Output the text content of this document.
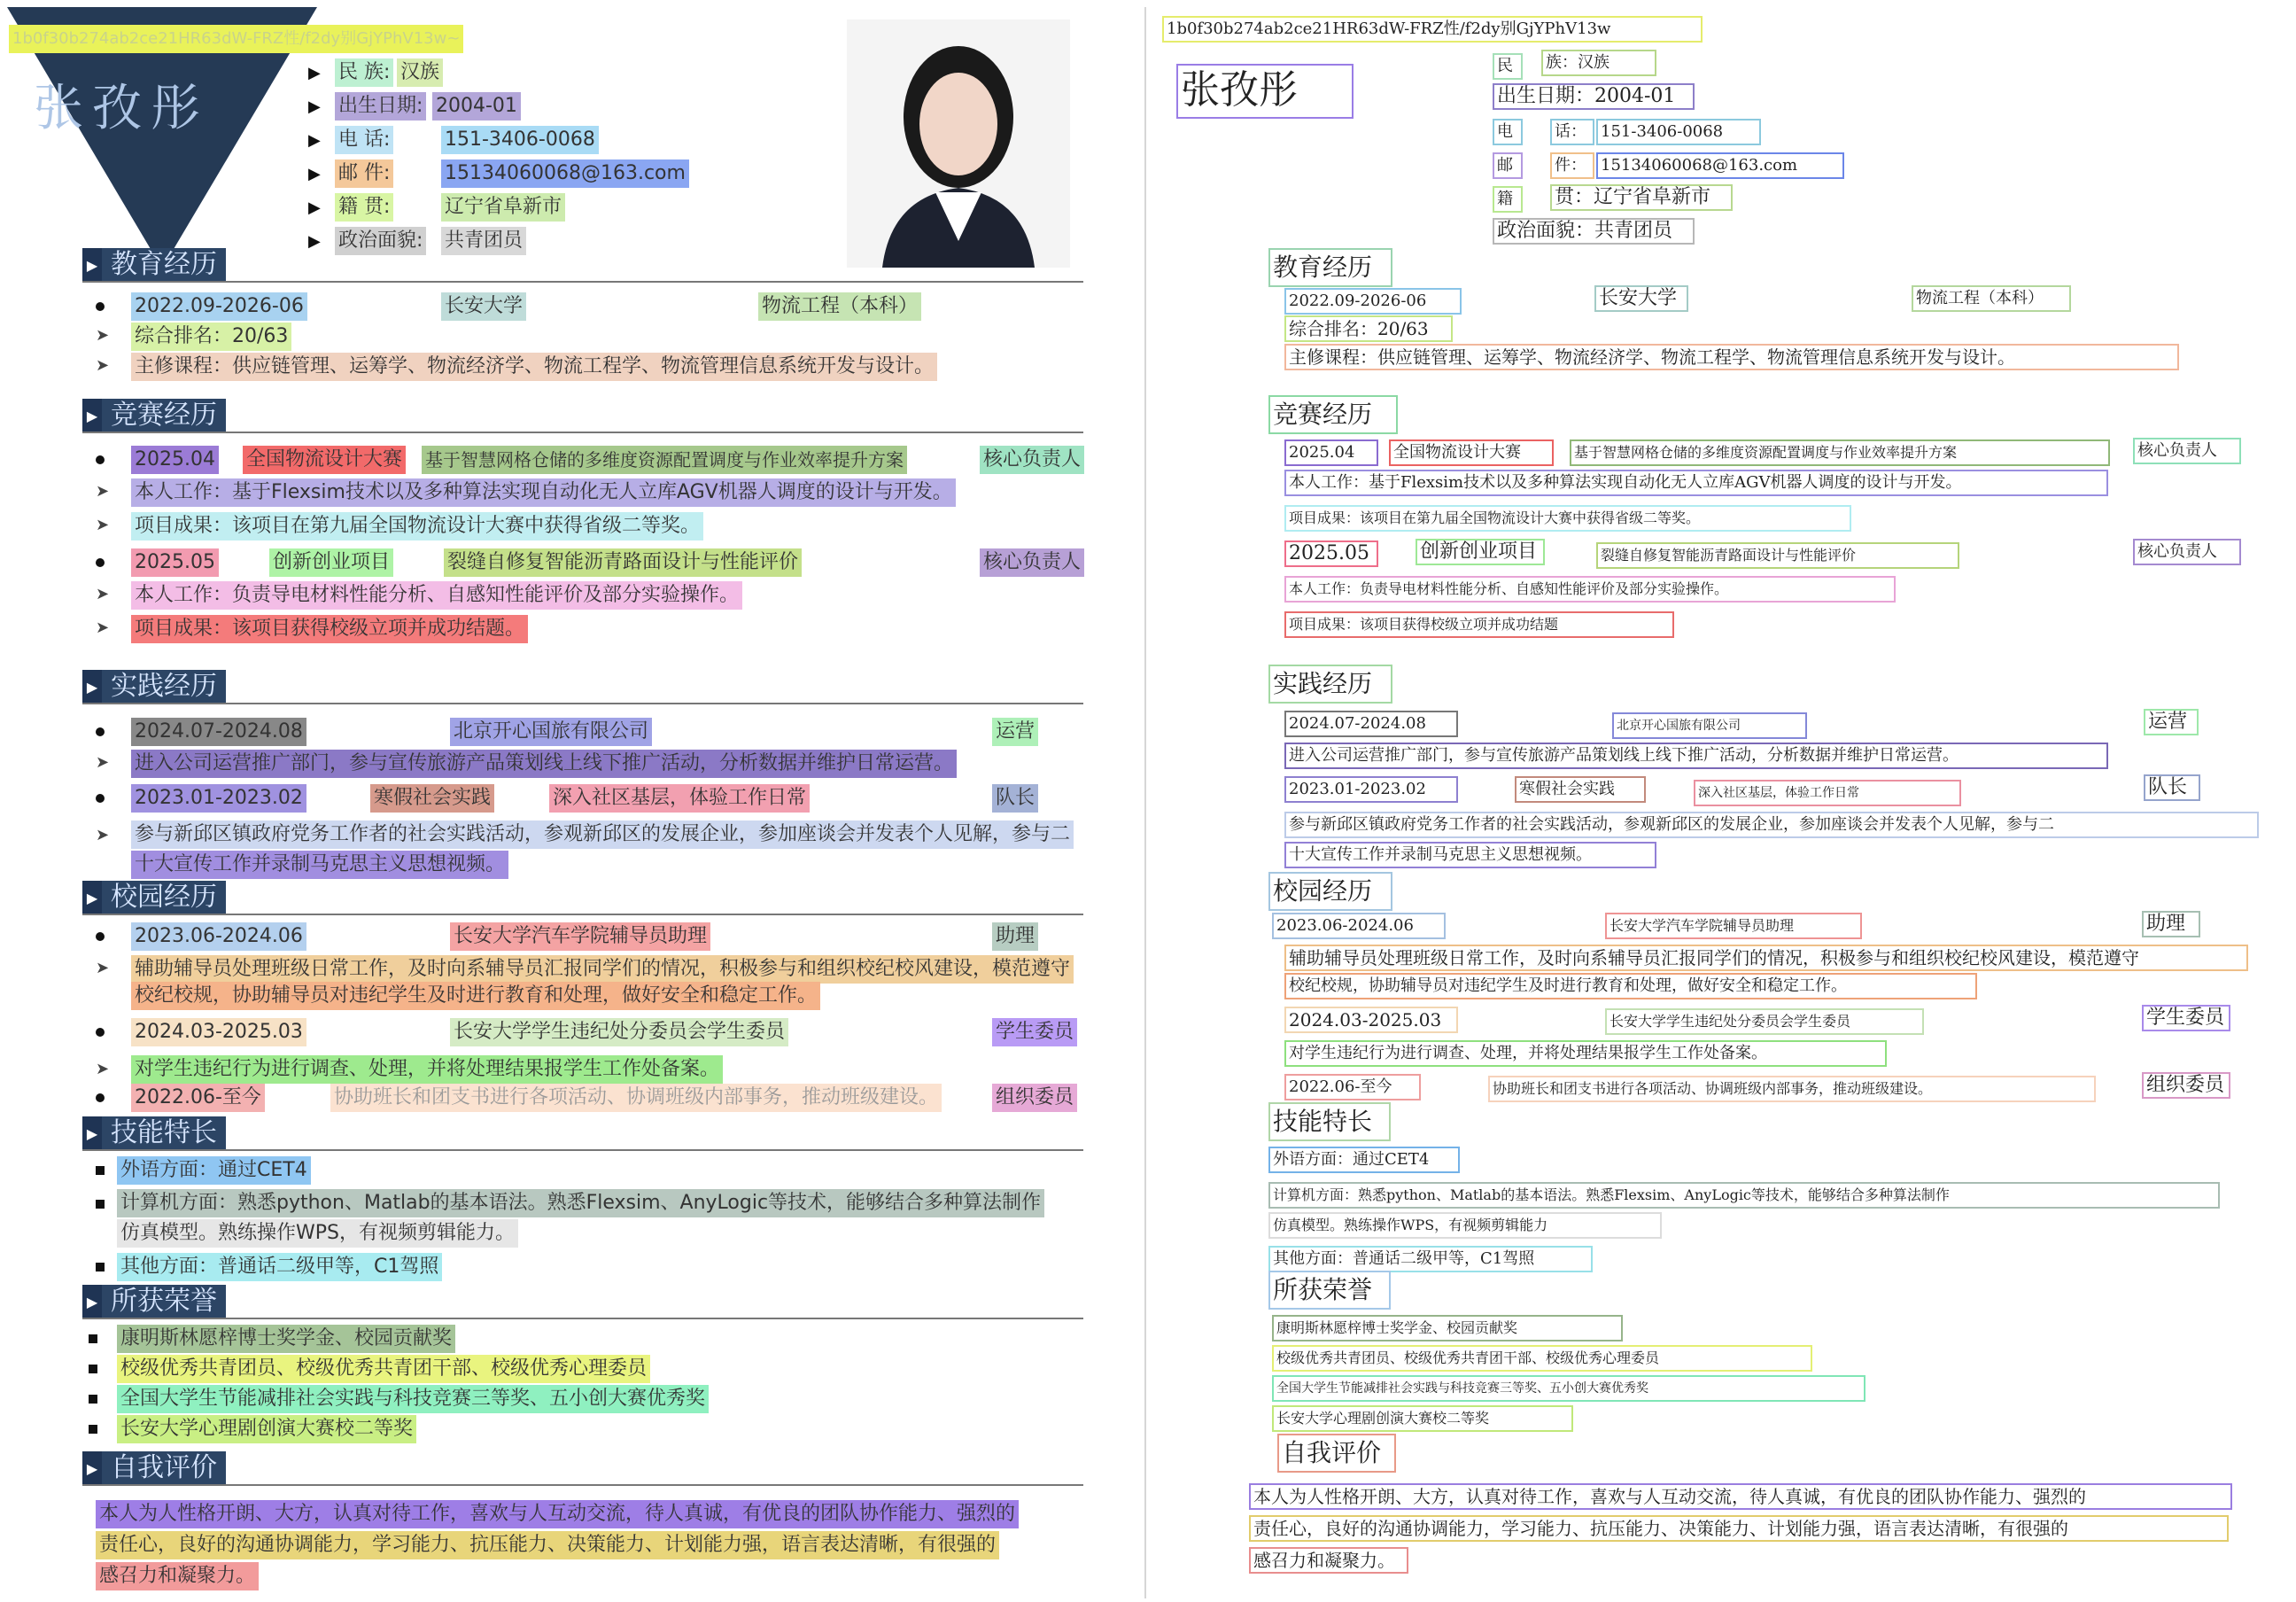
张孜彤
1b0f30b274ab2ce21HR63dW-FRZ性/f2dy别GjYPhV13w~
▶ 民 族: 汉族
▶ 出生日期: 2004-01
▶ 电 话:	151-3406-0068
▶ 邮 件:	15134060068@163.com
▶ 籍 贯:	辽宁省阜新市
▶ 政治面貌: 共青团员
▶ 教育经历
2022.09-2026-06	长安大学	物流工程（本科）
➤ 综合排名：20/63
➤ 主修课程：供应链管理、运筹学、物流经济学、物流工程学、物流管理信息系统开发与设计。
▶ 竞赛经历
2025.04 全国物流设计大赛 基于智慧网格仓储的多维度资源配置调度与作业效率提升方案	核心负责人
➤ 本人工作：基于Flexsim技术以及多种算法实现自动化无人立库AGV机器人调度的设计与开发。
➤ 项目成果：该项目在第九届全国物流设计大赛中获得省级二等奖。
2025.05	创新创业项目	裂缝自修复智能沥青路面设计与性能评价	核心负责人
➤ 本人工作：负责导电材料性能分析、自感知性能评价及部分实验操作。
➤ 项目成果：该项目获得校级立项并成功结题。
▶ 实践经历
2024.07-2024.08	北京开心国旅有限公司	运营
➤ 进入公司运营推广部门，参与宣传旅游产品策划线上线下推广活动，分析数据并维护日常运营。
2023.01-2023.02	寒假社会实践	深入社区基层，体验工作日常	队长
➤ 参与新邱区镇政府党务工作者的社会实践活动，参观新邱区的发展企业，参加座谈会并发表个人见解，参与二
十大宣传工作并录制马克思主义思想视频。
▶ 校园经历
2023.06-2024.06	长安大学汽车学院辅导员助理	助理
➤ 辅助辅导员处理班级日常工作，及时向系辅导员汇报同学们的情况，积极参与和组织校纪校风建设，模范遵守
校纪校规，协助辅导员对违纪学生及时进行教育和处理，做好安全和稳定工作。
2024.03-2025.03	长安大学学生违纪处分委员会学生委员	学生委员
➤ 对学生违纪行为进行调查、处理，并将处理结果报学生工作处备案。
2022.06-至今	协助班长和团支书进行各项活动、协调班级内部事务，推动班级建设。	组织委员
▶ 技能特长
外语方面：通过CET4
计算机方面：熟悉python、Matlab的基本语法。熟悉Flexsim、AnyLogic等技术，能够结合多种算法制作
仿真模型。熟练操作WPS，有视频剪辑能力。
其他方面：普通话二级甲等，C1驾照
▶ 所获荣誉
康明斯林愿梓博士奖学金、校园贡献奖
校级优秀共青团员、校级优秀共青团干部、校级优秀心理委员
全国大学生节能减排社会实践与科技竞赛三等奖、五小创大赛优秀奖
长安大学心理剧创演大赛校二等奖
▶ 自我评价
本人为人性格开朗、大方，认真对待工作，喜欢与人互动交流，待人真诚，有优良的团队协作能力、强烈的
责任心，良好的沟通协调能力，学习能力、抗压能力、决策能力、计划能力强，语言表达清晰，有很强的
感召力和凝聚力。
1b0f30b274ab2ce21HR63dW-FRZ性/f2dy别GjYPhV13w
张孜彤
民	族：汉族
出生日期：2004-01
电	话： 151-3406-0068
邮	件： 15134060068@163.com
籍	贯：辽宁省阜新市
政治面貌：共青团员
教育经历
2022.09-2026-06	长安大学	物流工程（本科）
综合排名：20/63
主修课程：供应链管理、运筹学、物流经济学、物流工程学、物流管理信息系统开发与设计。
竞赛经历
2025.04	全国物流设计大赛	基于智慧网格仓储的多维度资源配置调度与作业效率提升方案	核心负责人
本人工作：基于Flexsim技术以及多种算法实现自动化无人立库AGV机器人调度的设计与开发。
项目成果：该项目在第九届全国物流设计大赛中获得省级二等奖。
2025.05	创新创业项目	裂缝自修复智能沥青路面设计与性能评价	核心负责人
本人工作：负责导电材料性能分析、自感知性能评价及部分实验操作。
项目成果：该项目获得校级立项并成功结题
实践经历
2024.07-2024.08	北京开心国旅有限公司	运营
进入公司运营推广部门，参与宣传旅游产品策划线上线下推广活动，分析数据并维护日常运营。
2023.01-2023.02	寒假社会实践	深入社区基层，体验工作日常	队长
参与新邱区镇政府党务工作者的社会实践活动，参观新邱区的发展企业，参加座谈会并发表个人见解，参与二
十大宣传工作并录制马克思主义思想视频。
校园经历
2023.06-2024.06	长安大学汽车学院辅导员助理	助理
辅助辅导员处理班级日常工作，及时向系辅导员汇报同学们的情况，积极参与和组织校纪校风建设，模范遵守
校纪校规，协助辅导员对违纪学生及时进行教育和处理，做好安全和稳定工作。
2024.03-2025.03	长安大学学生违纪处分委员会学生委员	学生委员
对学生违纪行为进行调查、处理，并将处理结果报学生工作处备案。
2022.06-至今	协助班长和团支书进行各项活动、协调班级内部事务，推动班级建设。	组织委员
技能特长
外语方面：通过CET4
计算机方面：熟悉python、Matlab的基本语法。熟悉Flexsim、AnyLogic等技术，能够结合多种算法制作
仿真模型。熟练操作WPS，有视频剪辑能力
其他方面：普通话二级甲等，C1驾照
所获荣誉
康明斯林愿梓博士奖学金、校园贡献奖
校级优秀共青团员、校级优秀共青团干部、校级优秀心理委员
全国大学生节能减排社会实践与科技竞赛三等奖、五小创大赛优秀奖
长安大学心理剧创演大赛校二等奖
自我评价
本人为人性格开朗、大方，认真对待工作，喜欢与人互动交流，待人真诚，有优良的团队协作能力、强烈的
责任心，良好的沟通协调能力，学习能力、抗压能力、决策能力、计划能力强，语言表达清晰，有很强的
感召力和凝聚力。
